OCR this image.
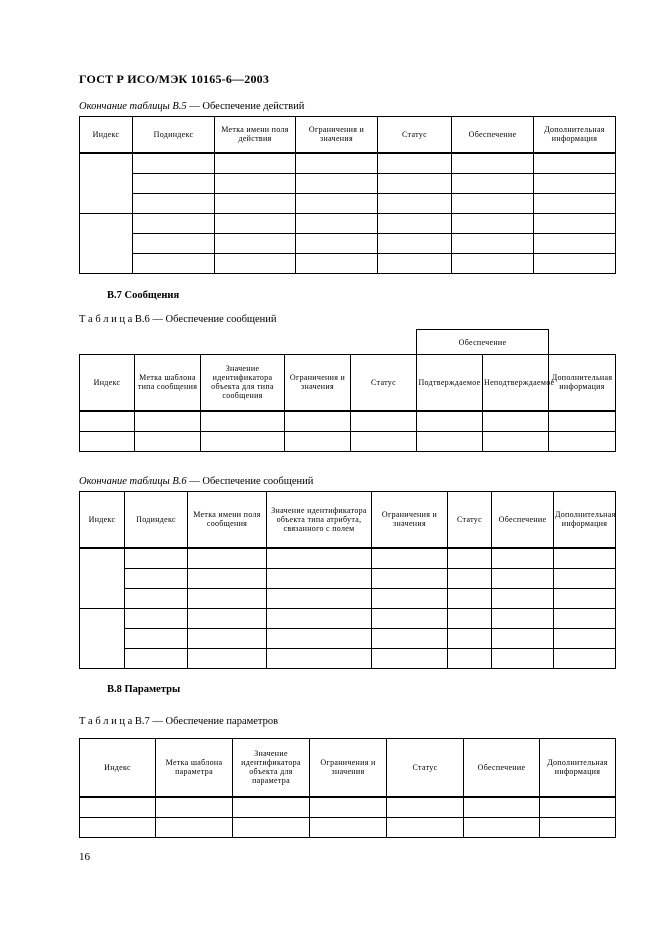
ГОСТ Р ИСО/МЭК 10165-6—2003
Окончание таблицы В.5 — Обеспечение действий
Индекс	Подиндекс	Метка имени поля действия	Ограничения и значения	Статус	Обеспечение	Дополнительная информация

В.7 Сообщения
Т а б л и ц а В.6 — Обеспечение сообщений
					Обеспечение		
Индекс	Метка шаблона типа сообщения	Значение идентификатора объекта для типа сообщения	Ограничения и значения	Статус	Подтверждаемое	Неподтверждаемое	Дополнительная информация

Окончание таблицы В.6 — Обеспечение сообщений
Индекс	Подиндекс	Метка имени поля сообщения	Значение идентификатора объекта типа атрибута, связанного с полем	Ограничения и значения	Статус	Обеспечение	Дополнительная информация

В.8 Параметры
Т а б л и ц а В.7 — Обеспечение параметров
Индекс	Метка шаблона параметра	Значение идентификатора объекта для параметра	Ограничения и значения	Статус	Обеспечение	Дополнительная информация

16
